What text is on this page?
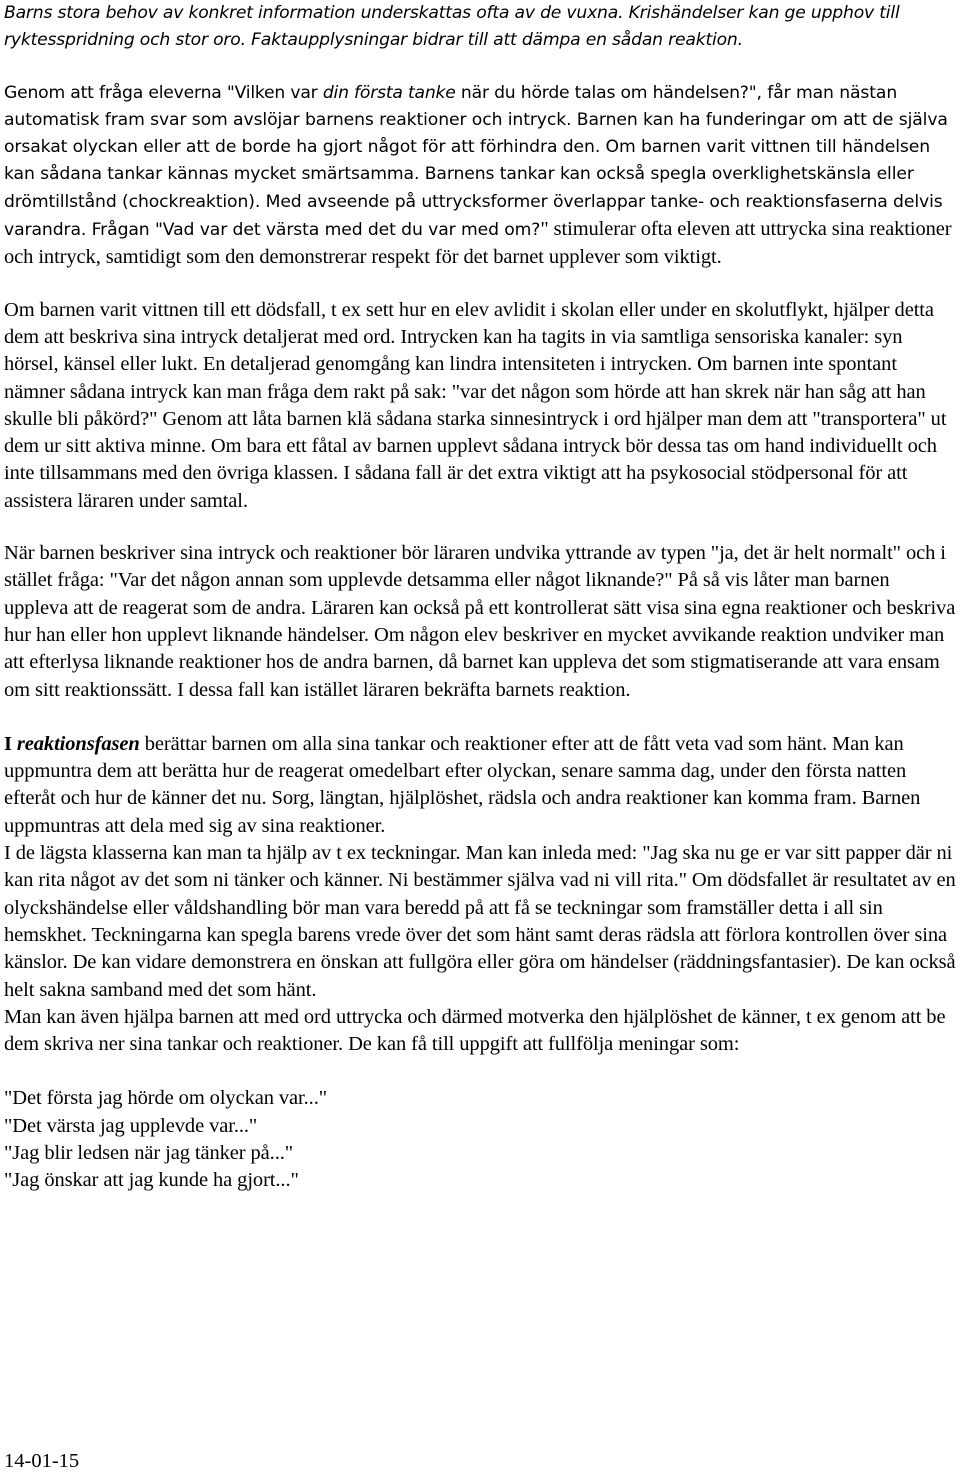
Barns stora behov av konkret information underskattas ofta av de vuxna. Krishändelser kan ge upphov till ryktesspridning och stor oro. Faktaupplysningar bidrar till att dämpa en sådan reaktion.

Genom att fråga eleverna "Vilken var din första tanke när du hörde talas om händelsen?", får man nästan automatisk fram svar som avslöjar barnens reaktioner och intryck. Barnen kan ha funderingar om att de själva orsakat olyckan eller att de borde ha gjort något för att förhindra den. Om barnen varit vittnen till händelsen kan sådana tankar kännas mycket smärtsamma. Barnens tankar kan också spegla overklighetskänsla eller drömtillstånd (chockreaktion). Med avseende på uttrycksformer överlappar tanke- och reaktionsfaserna delvis varandra. Frågan "Vad var det värsta med det du var med om?" stimulerar ofta eleven att uttrycka sina reaktioner och intryck, samtidigt som den demonstrerar respekt för det barnet upplever som viktigt.

Om barnen varit vittnen till ett dödsfall, t ex sett hur en elev avlidit i skolan eller under en skolutflykt, hjälper detta dem att beskriva sina intryck detaljerat med ord. Intrycken kan ha tagits in via samtliga sensoriska kanaler: syn hörsel, känsel eller lukt. En detaljerad genomgång kan lindra intensiteten i intrycken. Om barnen inte spontant nämner sådana intryck kan man fråga dem rakt på sak: "var det någon som hörde att han skrek när han såg att han skulle bli påkörd?" Genom att låta barnen klä sådana starka sinnesintryck i ord hjälper man dem att "transportera" ut dem ur sitt aktiva minne. Om bara ett fåtal av barnen upplevt sådana intryck bör dessa tas om hand individuellt och inte tillsammans med den övriga klassen. I sådana fall är det extra viktigt att ha psykosocial stödpersonal för att assistera läraren under samtal.

När barnen beskriver sina intryck och reaktioner bör läraren undvika yttrande av typen "ja, det är helt normalt" och i stället fråga: "Var det någon annan som upplevde detsamma eller något liknande?" På så vis låter man barnen uppleva att de reagerat som de andra. Läraren kan också på ett kontrollerat sätt visa sina egna reaktioner och beskriva hur han eller hon upplevt liknande händelser. Om någon elev beskriver en mycket avvikande reaktion undviker man att efterlysa liknande reaktioner hos de andra barnen, då barnet kan uppleva det som stigmatiserande att vara ensam om sitt reaktionssätt. I dessa fall kan istället läraren bekräfta barnets reaktion.

I reaktionsfasen berättar barnen om alla sina tankar och reaktioner efter att de fått veta vad som hänt. Man kan uppmuntra dem att berätta hur de reagerat omedelbart efter olyckan, senare samma dag, under den första natten efteråt och hur de känner det nu. Sorg, längtan, hjälplöshet, rädsla och andra reaktioner kan komma fram. Barnen uppmuntras att dela med sig av sina reaktioner.

I de lägsta klasserna kan man ta hjälp av t ex teckningar. Man kan inleda med: "Jag ska nu ge er var sitt papper där ni kan rita något av det som ni tänker och känner. Ni bestämmer själva vad ni vill rita." Om dödsfallet är resultatet av en olyckshändelse eller våldshandling bör man vara beredd på att få se teckningar som framställer detta i all sin hemskhet. Teckningarna kan spegla barens vrede över det som hänt samt deras rädsla att förlora kontrollen över sina känslor. De kan vidare demonstrera en önskan att fullgöra eller göra om händelser (räddningsfantasier). De kan också helt sakna samband med det som hänt.

Man kan även hjälpa barnen att med ord uttrycka och därmed motverka den hjälplöshet de känner, t ex genom att be dem skriva ner sina tankar och reaktioner. De kan få till uppgift att fullfölja meningar som:

"Det första jag hörde om olyckan var..."

"Det värsta jag upplevde var..."

"Jag blir ledsen när jag tänker på..."

"Jag önskar att jag kunde ha gjort..."

14-01-15
